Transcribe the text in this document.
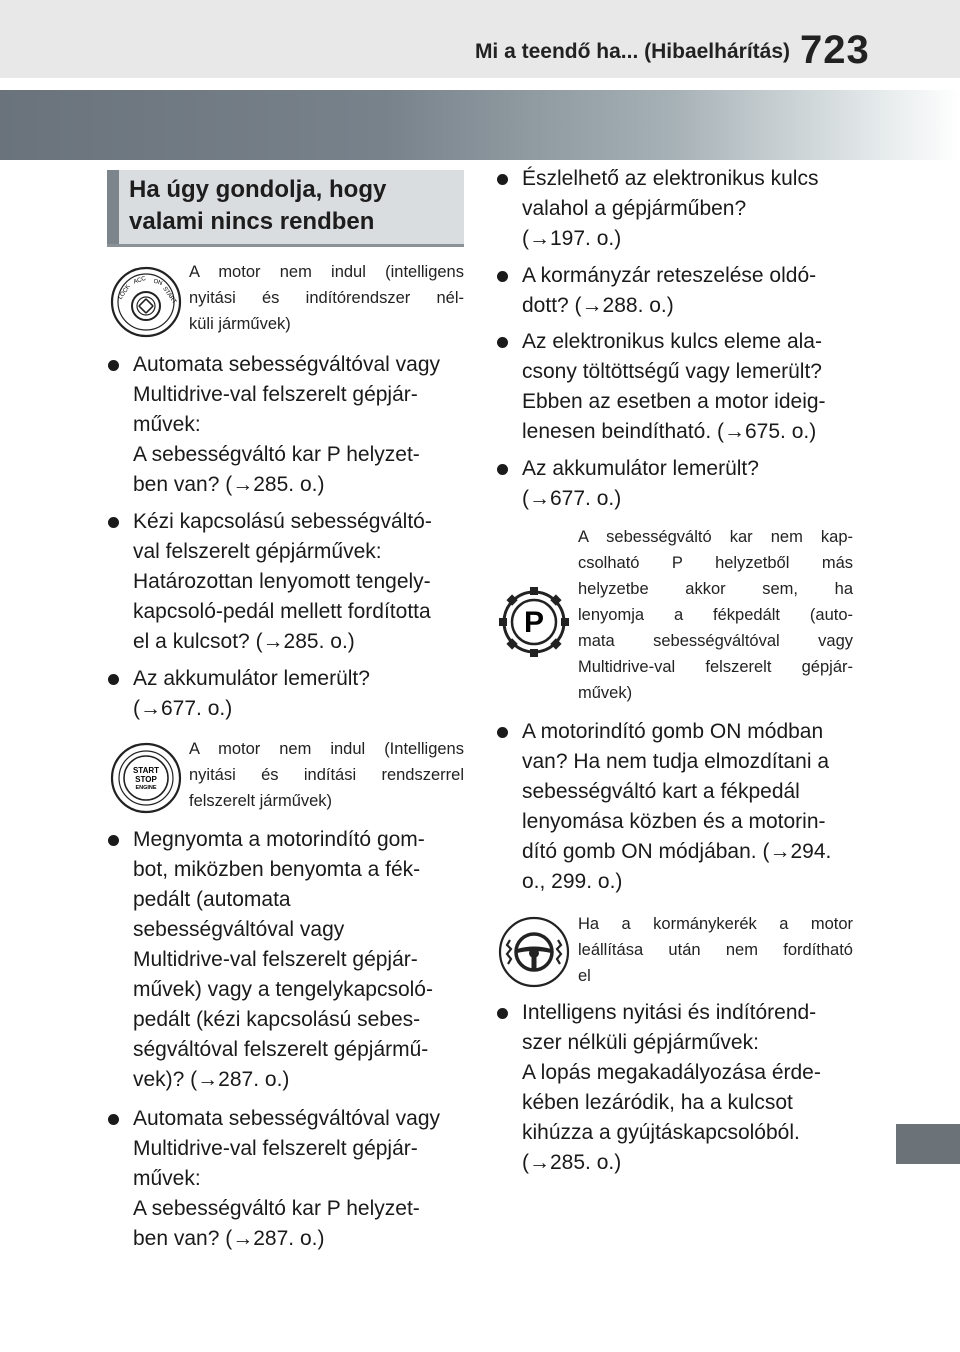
Mi a teendő ha... (Hibaelhárítás) 723
Ha úgy gondolja, hogy
valami nincs rendben
LOCK
ACC ON
START
A motor nem indul (intelligens
nyitási és indítórendszer nél-
küli járművek)
Automata sebességváltóval vagy
Multidrive-val felszerelt gépjár-
művek:
A sebességváltó kar P helyzet-
ben van? (→285. o.)
Kézi kapcsolású sebességváltó-
val felszerelt gépjárművek:
Határozottan lenyomott tengely-
kapcsoló-pedál mellett fordította
el a kulcsot? (→285. o.)
Az akkumulátor lemerült?
(→677. o.)
START
STOP
ENGINE
A motor nem indul (Intelligens
nyitási és indítási rendszerrel
felszerelt járművek)
Megnyomta a motorindító gom-
bot, miközben benyomta a fék-
pedált (automata
sebességváltóval vagy
Multidrive-val felszerelt gépjár-
művek) vagy a tengelykapcsoló-
pedált (kézi kapcsolású sebes-
ségváltóval felszerelt gépjármű-
vek)? (→287. o.)
Automata sebességváltóval vagy
Multidrive-val felszerelt gépjár-
művek:
A sebességváltó kar P helyzet-
ben van? (→287. o.)
Észlelhető az elektronikus kulcs
valahol a gépjárműben?
(→197. o.)
A kormányzár reteszelése oldó-
dott? (→288. o.)
Az elektronikus kulcs eleme ala-
csony töltöttségű vagy lemerült?
Ebben az esetben a motor ideig-
lenesen beindítható. (→675. o.)
Az akkumulátor lemerült?
(→677. o.)
P
A sebességváltó kar nem kap-
csolható P helyzetből más
helyzetbe akkor sem, ha
lenyomja a fékpedált (auto-
mata sebességváltóval vagy
Multidrive-val felszerelt gépjár-
művek)
A motorindító gomb ON módban
van? Ha nem tudja elmozdítani a
sebességváltó kart a fékpedál
lenyomása közben és a motorin-
dító gomb ON módjában. (→294.
o., 299. o.)
Ha a kormánykerék a motor
leállítása után nem fordítható
el
Intelligens nyitási és indítórend-
szer nélküli gépjárművek:
A lopás megakadályozása érde-
kében lezáródik, ha a kulcsot
kihúzza a gyújtáskapcsolóból.
(→285. o.)
